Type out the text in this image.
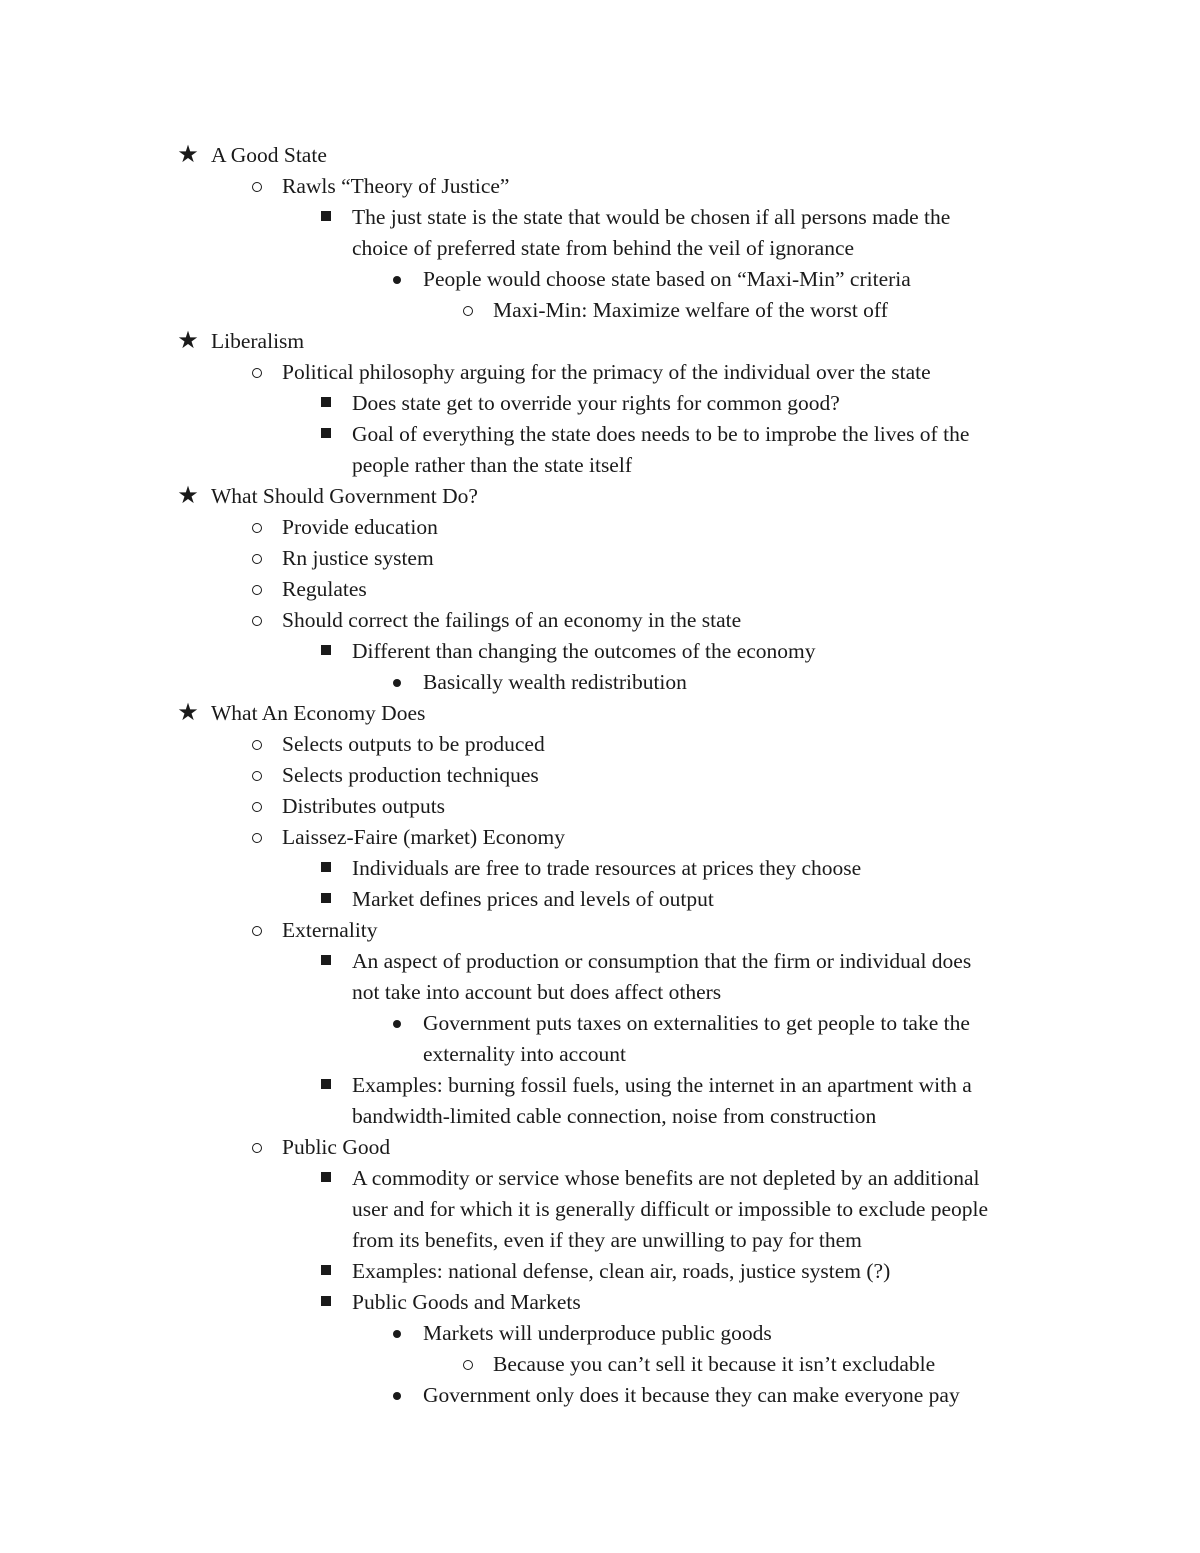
★ A Good State
Rawls “Theory of Justice”
The just state is the state that would be chosen if all persons made the
choice of preferred state from behind the veil of ignorance
People would choose state based on “Maxi-Min” criteria
Maxi-Min: Maximize welfare of the worst off
★ Liberalism
Political philosophy arguing for the primacy of the individual over the state
Does state get to override your rights for common good?
Goal of everything the state does needs to be to improbe the lives of the
people rather than the state itself
★ What Should Government Do?
Provide education
Rn justice system
Regulates
Should correct the failings of an economy in the state
Different than changing the outcomes of the economy
Basically wealth redistribution
★ What An Economy Does
Selects outputs to be produced
Selects production techniques
Distributes outputs
Laissez-Faire (market) Economy
Individuals are free to trade resources at prices they choose
Market defines prices and levels of output
Externality
An aspect of production or consumption that the firm or individual does
not take into account but does affect others
Government puts taxes on externalities to get people to take the
externality into account
Examples: burning fossil fuels, using the internet in an apartment with a
bandwidth-limited cable connection, noise from construction
Public Good
A commodity or service whose benefits are not depleted by an additional
user and for which it is generally difficult or impossible to exclude people
from its benefits, even if they are unwilling to pay for them
Examples: national defense, clean air, roads, justice system (?)
Public Goods and Markets
Markets will underproduce public goods
Because you can’t sell it because it isn’t excludable
Government only does it because they can make everyone pay
